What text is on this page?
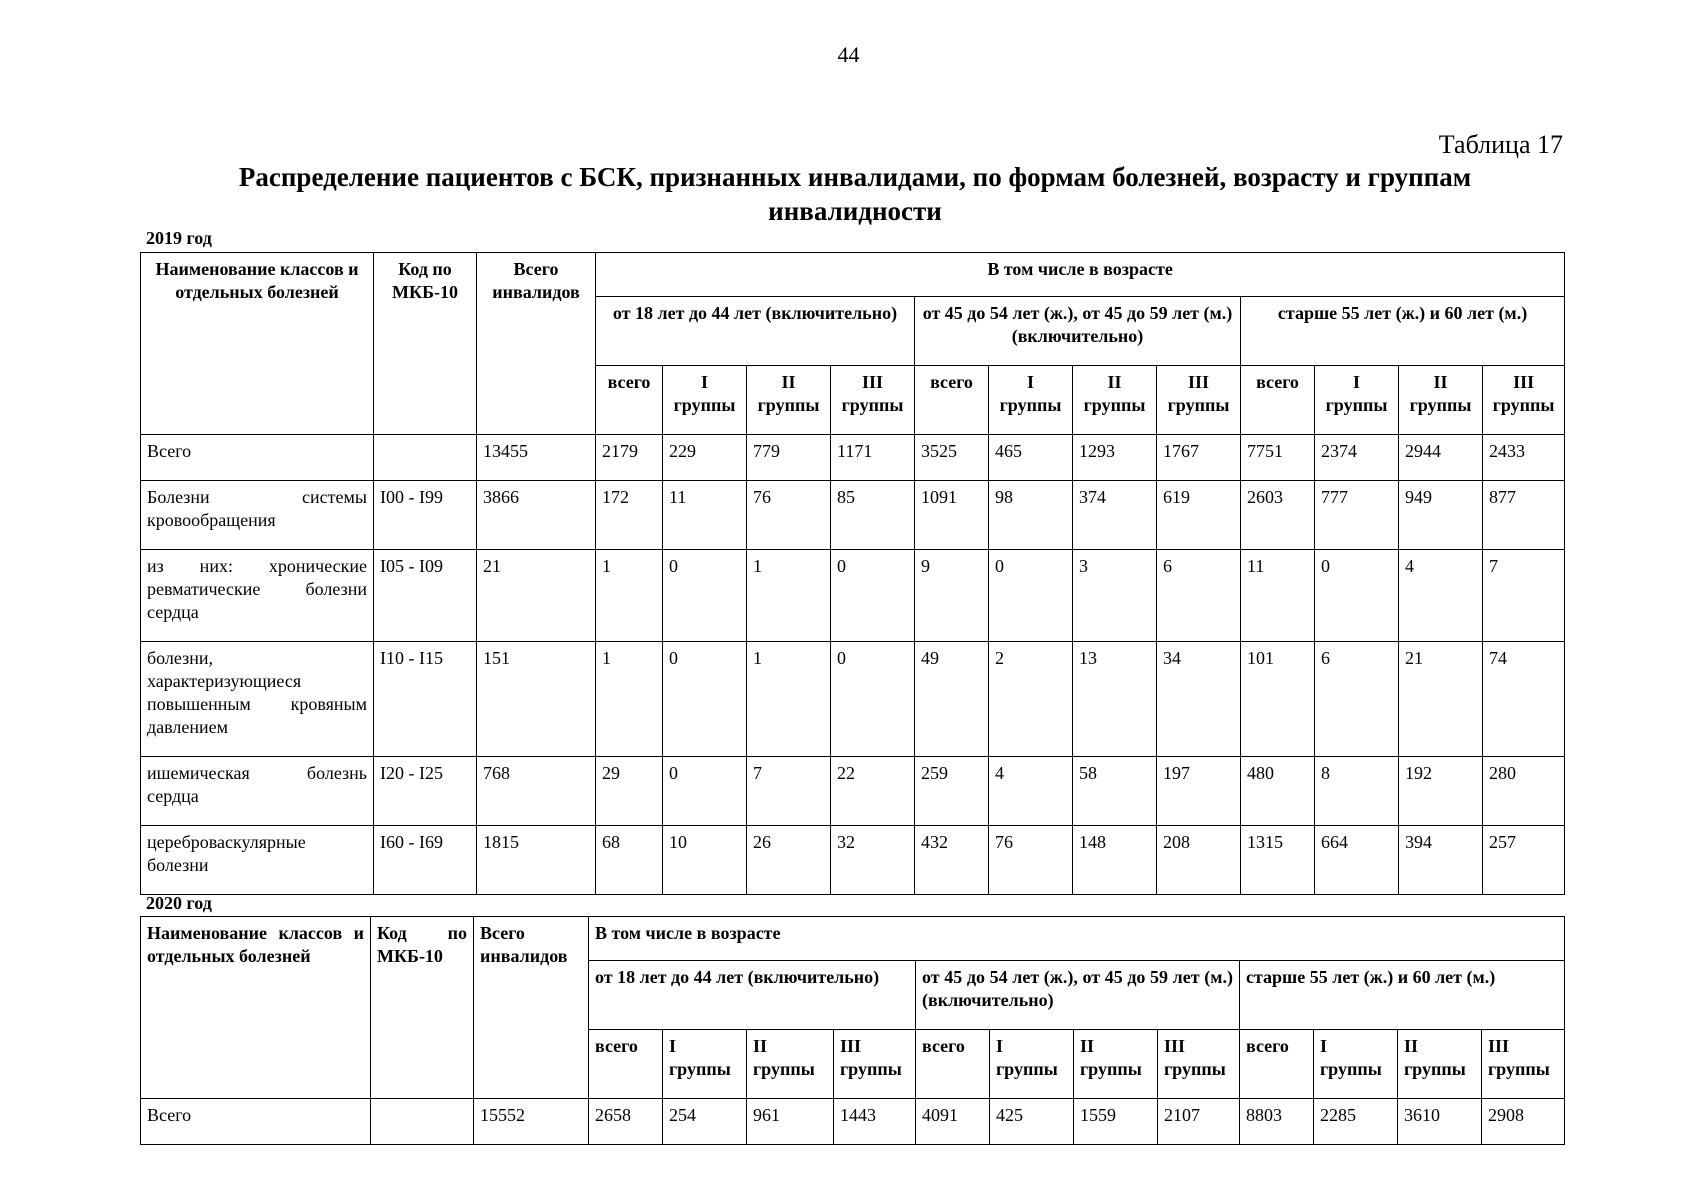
44
Таблица 17
Распределение пациентов с БСК, признанных инвалидами, по формам болезней, возрасту и группам инвалидности
2019 год
Наименование классов и отдельных болезней	Код по МКБ-10	Всего инвалидов	В том числе в возрасте											
			от 18 лет до 44 лет (включительно)				от 45 до 54 лет (ж.), от 45 до 59 лет (м.) (включительно)				старше 55 лет (ж.) и 60 лет (м.)			
			всего	I группы	II группы	III группы	всего	I группы	II группы	III группы	всего	I группы	II группы	III группы
Всего		13455	2179	229	779	1171	3525	465	1293	1767	7751	2374	2944	2433
Болезни системы кровообращения	I00 - I99	3866	172	11	76	85	1091	98	374	619	2603	777	949	877
из них: хронические ревматические болезни сердца	I05 - I09	21	1	0	1	0	9	0	3	6	11	0	4	7
болезни, характеризующиеся повышенным кровяным давлением	I10 - I15	151	1	0	1	0	49	2	13	34	101	6	21	74
ишемическая болезнь сердца	I20 - I25	768	29	0	7	22	259	4	58	197	480	8	192	280
цереброваскулярные болезни	I60 - I69	1815	68	10	26	32	432	76	148	208	1315	664	394	257
2020 год
Наименование классов и отдельных болезней	Код по МКБ-10	Всего инвалидов	В том числе в возрасте											
			от 18 лет до 44 лет (включительно)				от 45 до 54 лет (ж.), от 45 до 59 лет (м.) (включительно)				старше 55 лет (ж.) и 60 лет (м.)			
			всего	I группы	II группы	III группы	всего	I группы	II группы	III группы	всего	I группы	II группы	III группы
Всего		15552	2658	254	961	1443	4091	425	1559	2107	8803	2285	3610	2908
